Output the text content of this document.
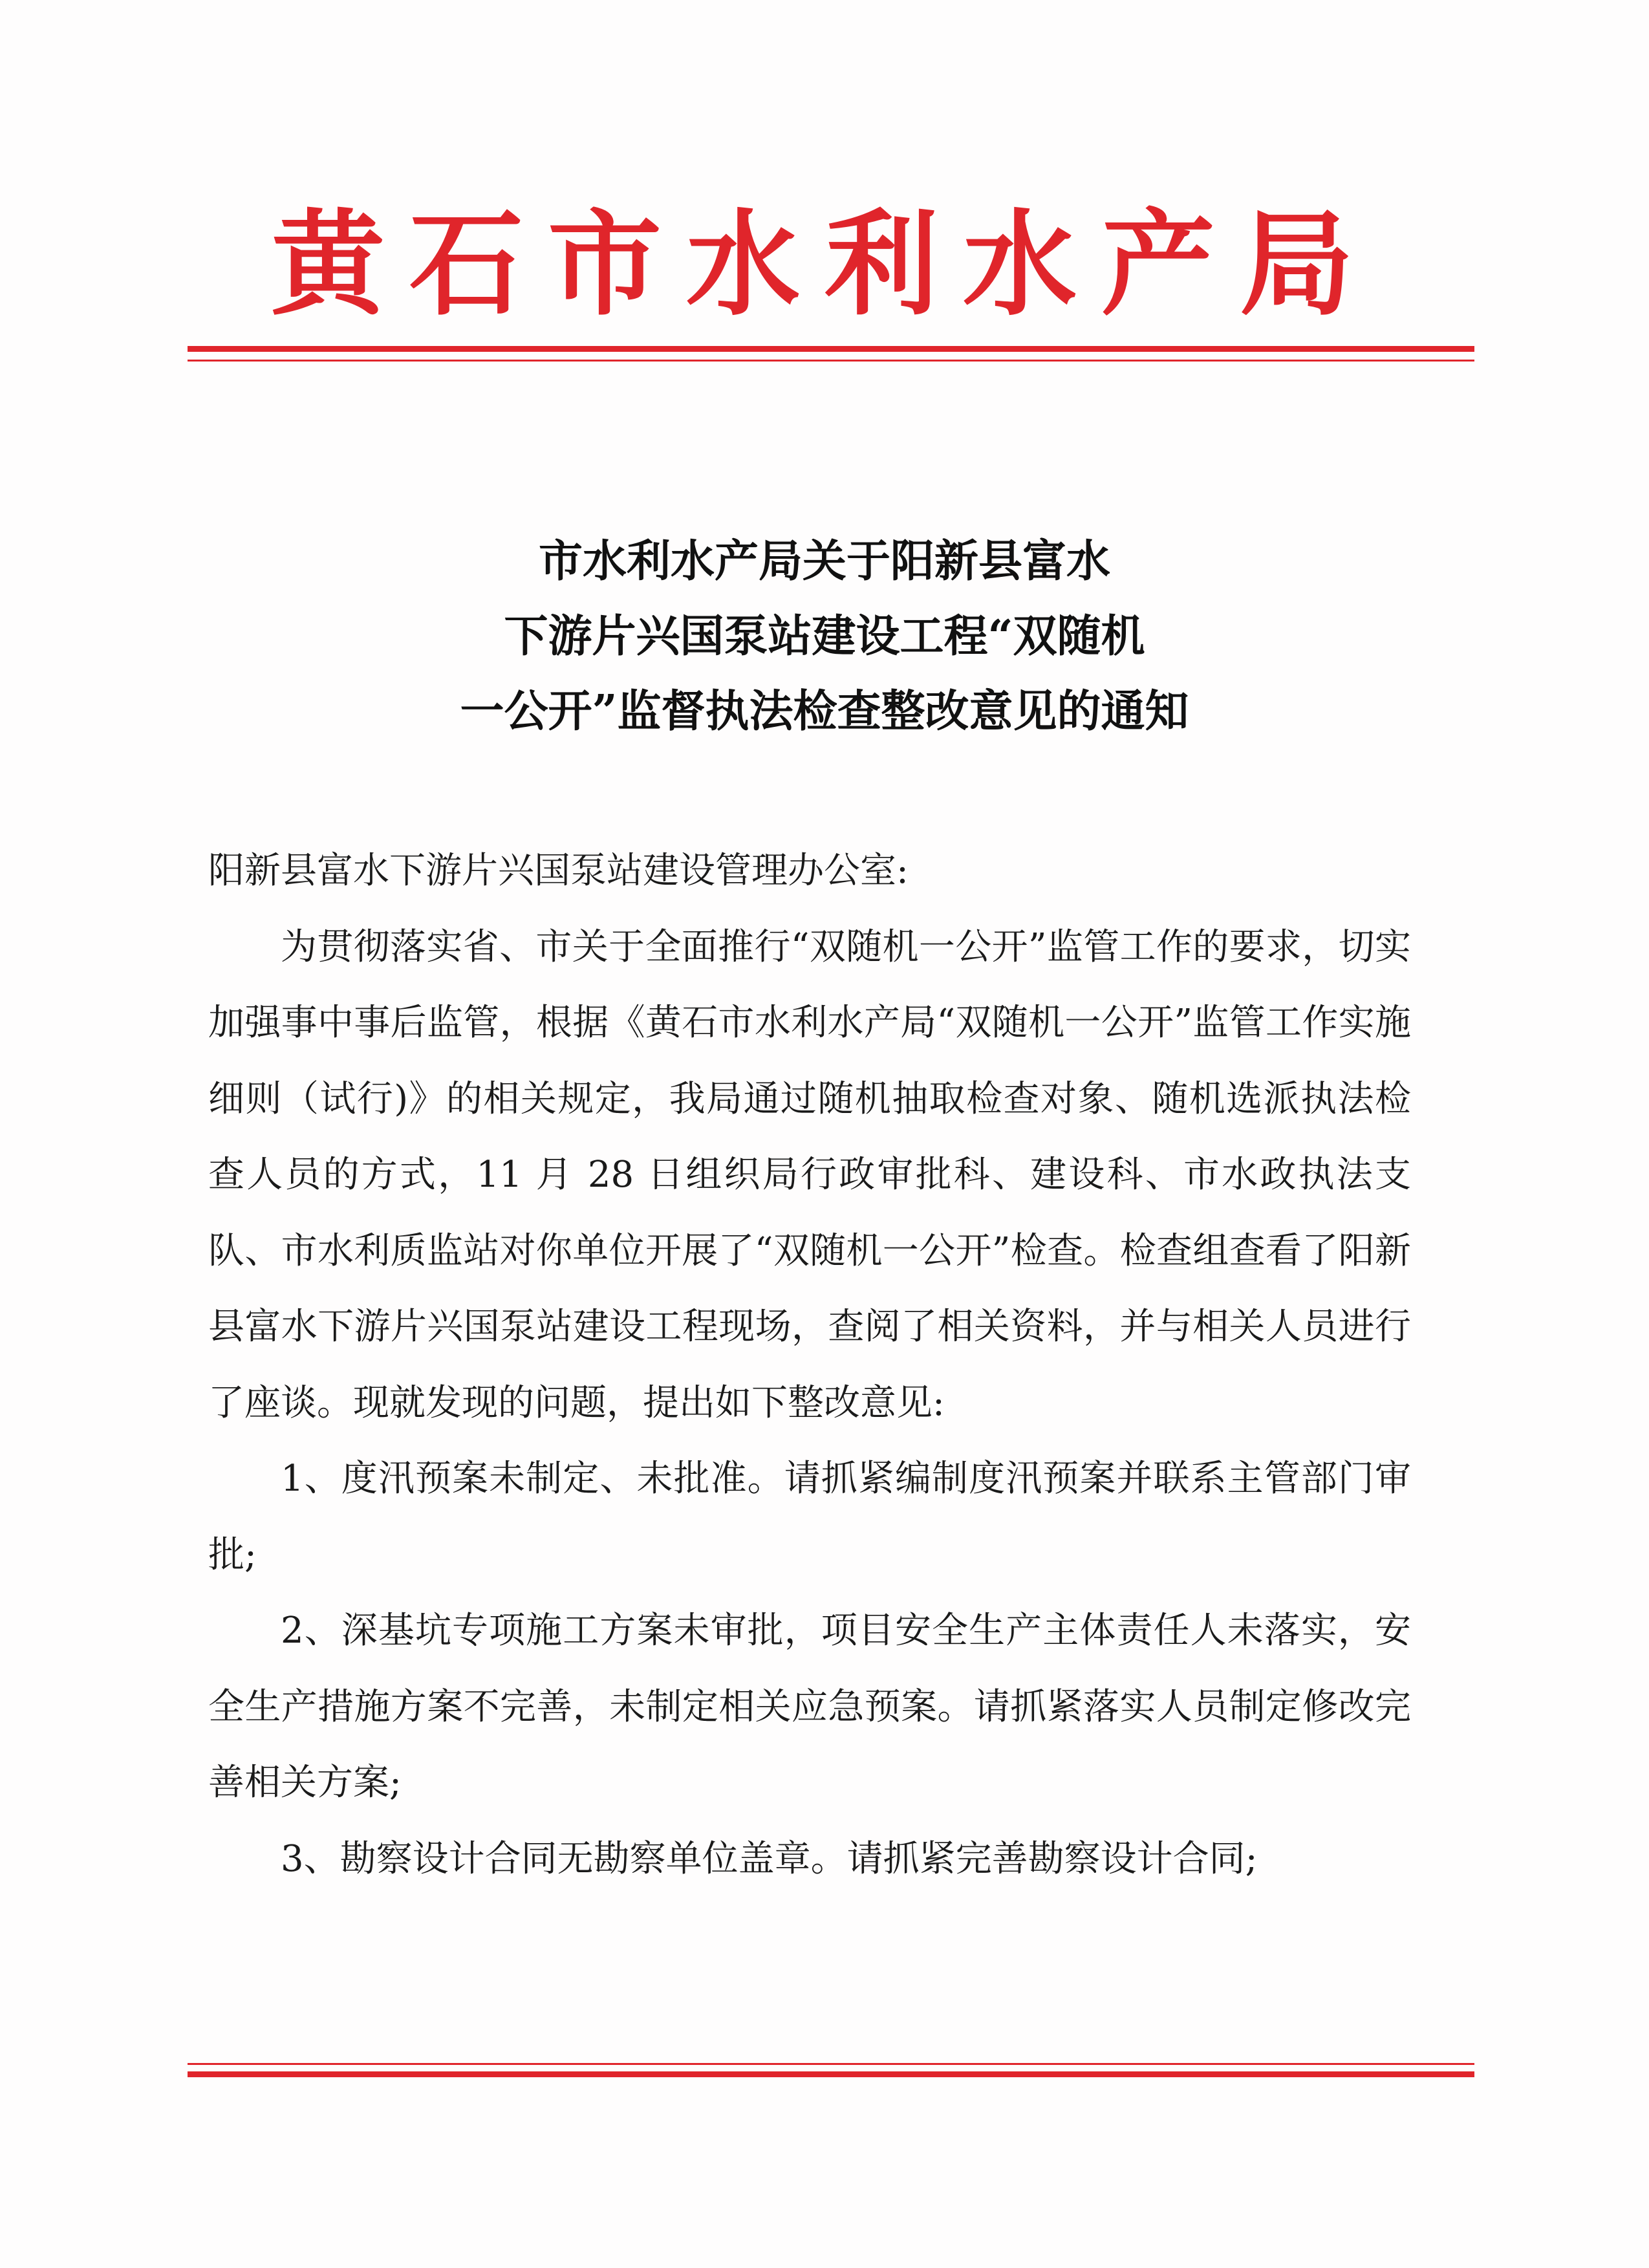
黄石市水利水产局
市水利水产局关于阳新县富水
下游片兴国泵站建设工程“双随机
一公开”监督执法检查整改意见的通知

阳新县富水下游片兴国泵站建设管理办公室:

为贯彻落实省、市关于全面推行“双随机一公开”监管工作的要求，切实加强事中事后监管，根据《黄石市水利水产局“双随机一公开”监管工作实施细则（试行)》的相关规定，我局通过随机抽取检查对象、随机选派执法检查人员的方式，11 月 28 日组织局行政审批科、建设科、市水政执法支队、市水利质监站对你单位开展了“双随机一公开”检查。检查组查看了阳新县富水下游片兴国泵站建设工程现场，查阅了相关资料，并与相关人员进行了座谈。现就发现的问题，提出如下整改意见:

1、度汛预案未制定、未批准。请抓紧编制度汛预案并联系主管部门审批;

2、深基坑专项施工方案未审批，项目安全生产主体责任人未落实，安全生产措施方案不完善，未制定相关应急预案。请抓紧落实人员制定修改完善相关方案;

3、勘察设计合同无勘察单位盖章。请抓紧完善勘察设计合同;
